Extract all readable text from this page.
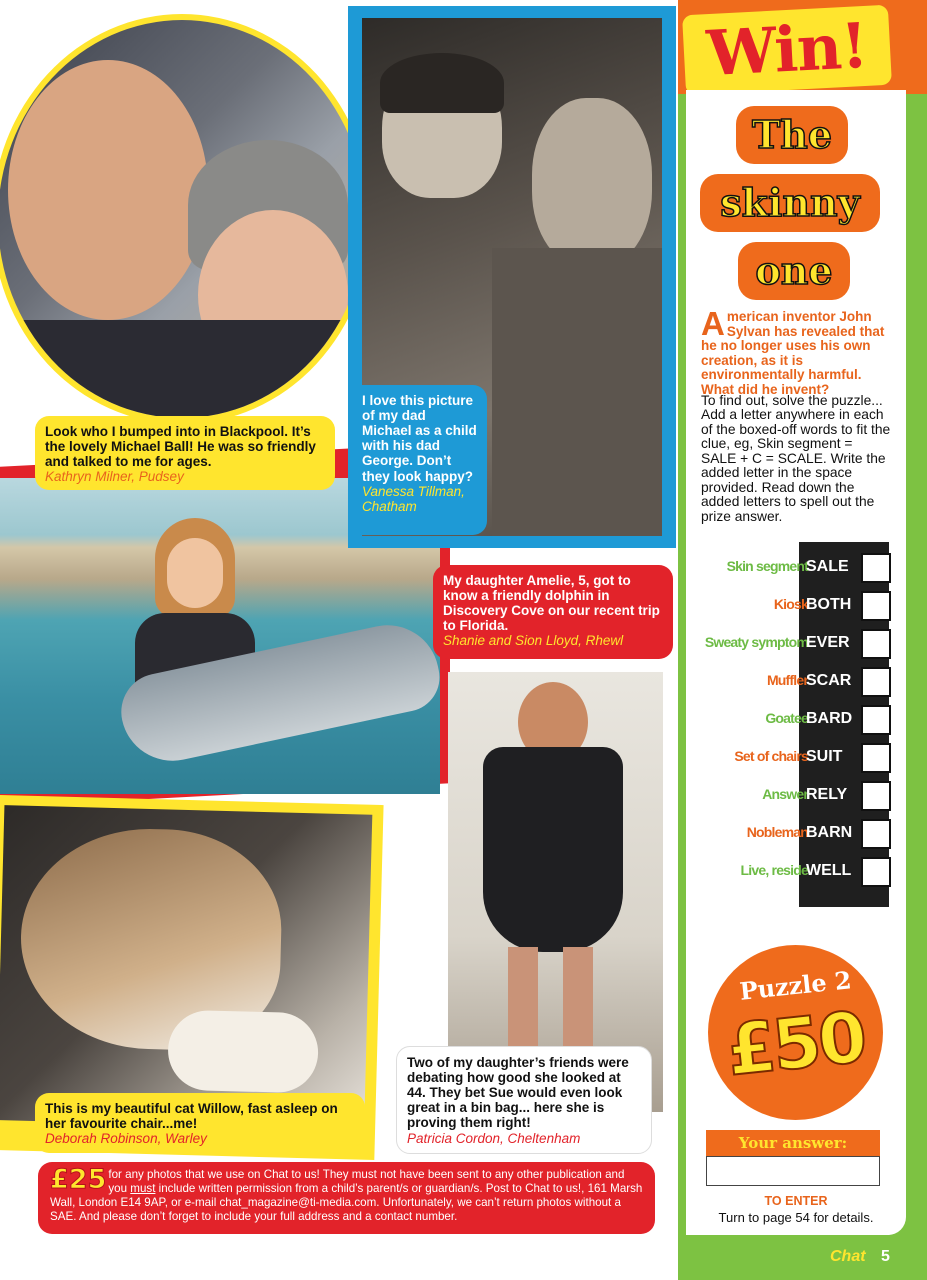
Look who I bumped into in Blackpool. It’s the lovely Michael Ball! He was so friendly and talked to me for ages.
Kathryn Milner, Pudsey
I love this picture of my dad Michael as a child with his dad George. Don’t they look happy?
Vanessa Tillman, Chatham
My daughter Amelie, 5, got to know a friendly dolphin in Discovery Cove on our recent trip to Florida.
Shanie and Sion Lloyd, Rhewl
This is my beautiful cat Willow, fast asleep on her favourite chair...me!
Deborah Robinson, Warley
Two of my daughter’s friends were debating how good she looked at 44. They bet Sue would even look great in a bin bag... here she is proving them right!
Patricia Cordon, Cheltenham
£25 for any photos that we use on Chat to us! They must not have been sent to any other publication and you must include written permission from a child’s parent/s or guardian/s. Post to Chat to us!, 161 Marsh Wall, London E14 9AP, or e-mail chat_magazine@ti-media.com. Unfortunately, we can’t return photos without a SAE. And please don’t forget to include your full address and a contact number.
Win!
The
skinny
one
American inventor John Sylvan has revealed that he no longer uses his own creation, as it is environmentally harmful. What did he invent?
To find out, solve the puzzle... Add a letter anywhere in each of the boxed-off words to fit the clue, eg, Skin segment = SALE + C = SCALE. Write the added letter in the space provided. Read down the added letters to spell out the prize answer.
Skin segment
SALE
Kiosk
BOTH
Sweaty symptom
EVER
Muffler
SCAR
Goatee
BARD
Set of chairs
SUIT
Answer
RELY
Nobleman
BARN
Live, reside
WELL
Puzzle 2
£50
Your answer:
TO ENTER
Turn to page 54 for details.
Chat 5
